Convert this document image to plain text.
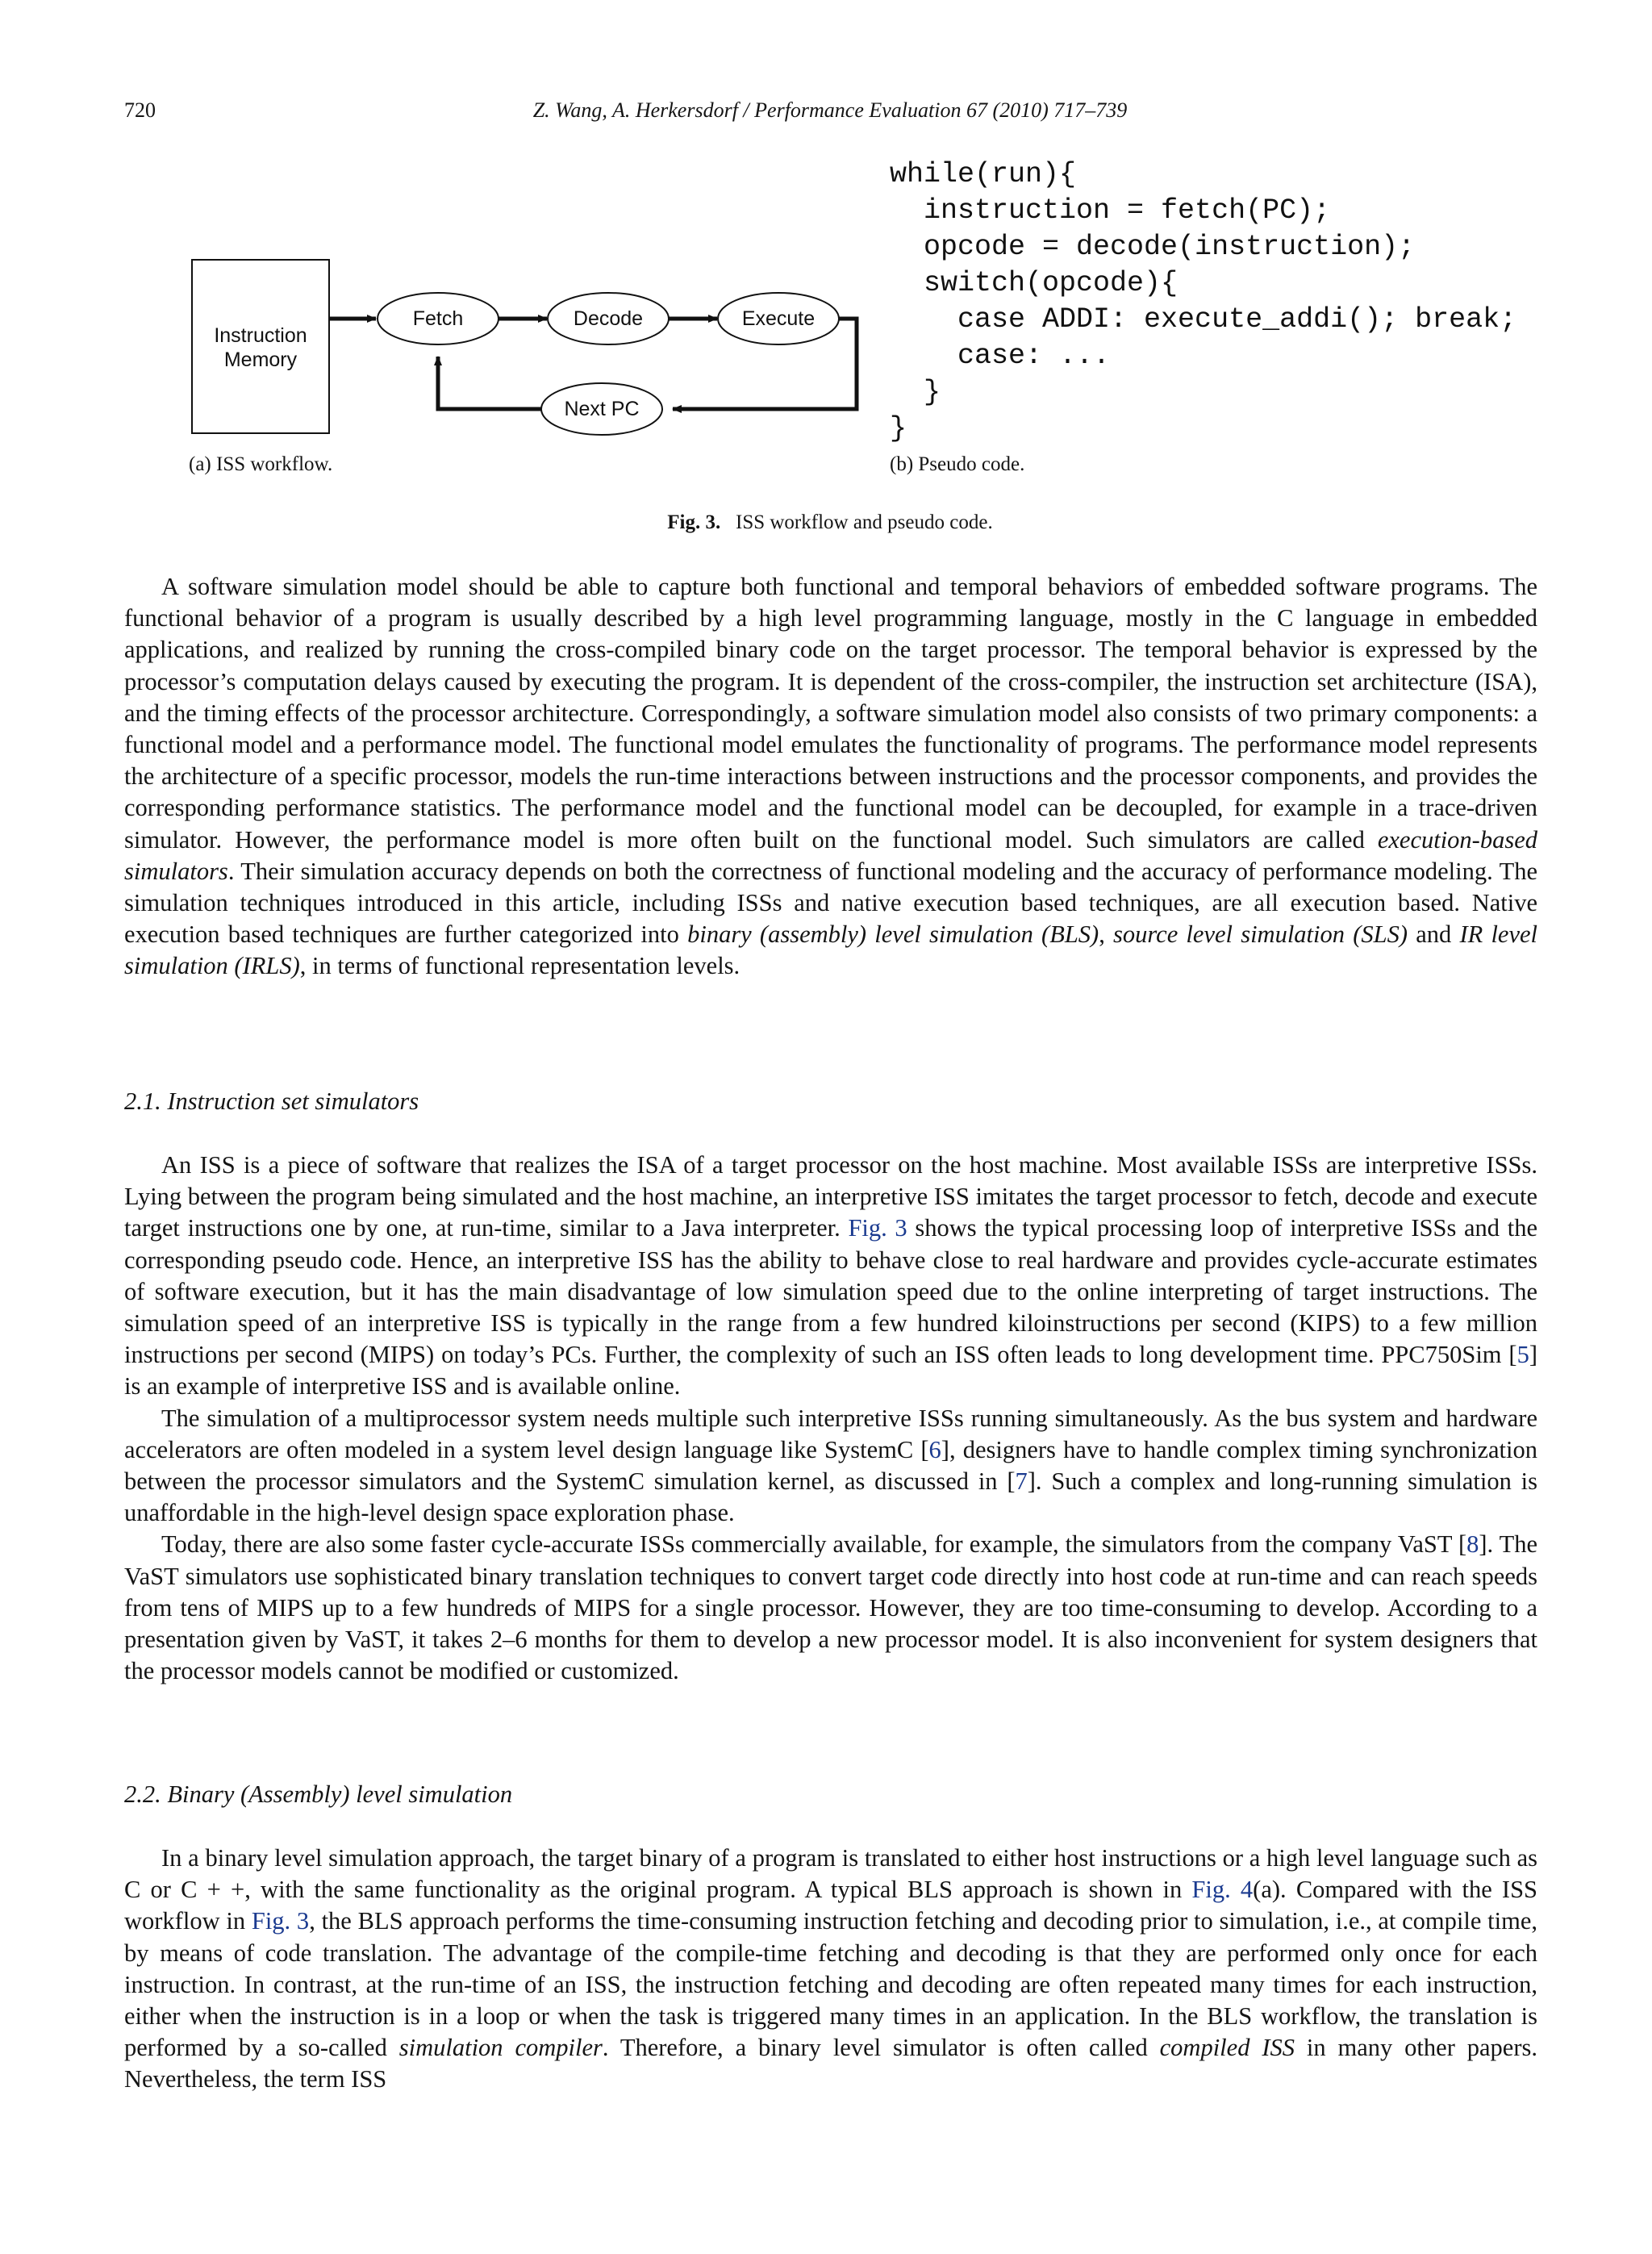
720	Z. Wang, A. Herkersdorf / Performance Evaluation 67 (2010) 717–739
Instruction
Memory
Fetch	Decode	Execute
Next PC
while(run){
instruction = fetch(PC);
opcode = decode(instruction);
switch(opcode){
case ADDI: execute_addi(); break;
case: ...
}
}
(a) ISS workflow.	(b) Pseudo code.
Fig. 3. ISS workflow and pseudo code.

A software simulation model should be able to capture both functional and temporal behaviors of embedded software programs. The functional behavior of a program is usually described by a high level programming language, mostly in the C language in embedded applications, and realized by running the cross-compiled binary code on the target processor. The temporal behavior is expressed by the processor’s computation delays caused by executing the program. It is dependent of the cross-compiler, the instruction set architecture (ISA), and the timing effects of the processor architecture. Correspondingly, a software simulation model also consists of two primary components: a functional model and a performance model. The functional model emulates the functionality of programs. The performance model represents the architecture of a specific processor, models the run-time interactions between instructions and the processor components, and provides the corresponding performance statistics. The performance model and the functional model can be decoupled, for example in a trace-driven simulator. However, the performance model is more often built on the functional model. Such simulators are called execution-based simulators. Their simulation accuracy depends on both the correctness of functional modeling and the accuracy of performance modeling. The simulation techniques introduced in this article, including ISSs and native execution based techniques, are all execution based. Native execution based techniques are further categorized into binary (assembly) level simulation (BLS), source level simulation (SLS) and IR level simulation (IRLS), in terms of functional representation levels.

2.1. Instruction set simulators

An ISS is a piece of software that realizes the ISA of a target processor on the host machine. Most available ISSs are interpretive ISSs. Lying between the program being simulated and the host machine, an interpretive ISS imitates the target processor to fetch, decode and execute target instructions one by one, at run-time, similar to a Java interpreter. Fig. 3 shows the typical processing loop of interpretive ISSs and the corresponding pseudo code. Hence, an interpretive ISS has the ability to behave close to real hardware and provides cycle-accurate estimates of software execution, but it has the main disadvantage of low simulation speed due to the online interpreting of target instructions. The simulation speed of an interpretive ISS is typically in the range from a few hundred kiloinstructions per second (KIPS) to a few million instructions per second (MIPS) on today’s PCs. Further, the complexity of such an ISS often leads to long development time. PPC750Sim [5] is an example of interpretive ISS and is available online.

The simulation of a multiprocessor system needs multiple such interpretive ISSs running simultaneously. As the bus system and hardware accelerators are often modeled in a system level design language like SystemC [6], designers have to handle complex timing synchronization between the processor simulators and the SystemC simulation kernel, as discussed in [7]. Such a complex and long-running simulation is unaffordable in the high-level design space exploration phase.

Today, there are also some faster cycle-accurate ISSs commercially available, for example, the simulators from the company VaST [8]. The VaST simulators use sophisticated binary translation techniques to convert target code directly into host code at run-time and can reach speeds from tens of MIPS up to a few hundreds of MIPS for a single processor. However, they are too time-consuming to develop. According to a presentation given by VaST, it takes 2–6 months for them to develop a new processor model. It is also inconvenient for system designers that the processor models cannot be modified or customized.

2.2. Binary (Assembly) level simulation

In a binary level simulation approach, the target binary of a program is translated to either host instructions or a high level language such as C or C + +, with the same functionality as the original program. A typical BLS approach is shown in Fig. 4(a). Compared with the ISS workflow in Fig. 3, the BLS approach performs the time-consuming instruction fetching and decoding prior to simulation, i.e., at compile time, by means of code translation. The advantage of the compile-time fetching and decoding is that they are performed only once for each instruction. In contrast, at the run-time of an ISS, the instruction fetching and decoding are often repeated many times for each instruction, either when the instruction is in a loop or when the task is triggered many times in an application. In the BLS workflow, the translation is performed by a so-called simulation compiler. Therefore, a binary level simulator is often called compiled ISS in many other papers. Nevertheless, the term ISS
